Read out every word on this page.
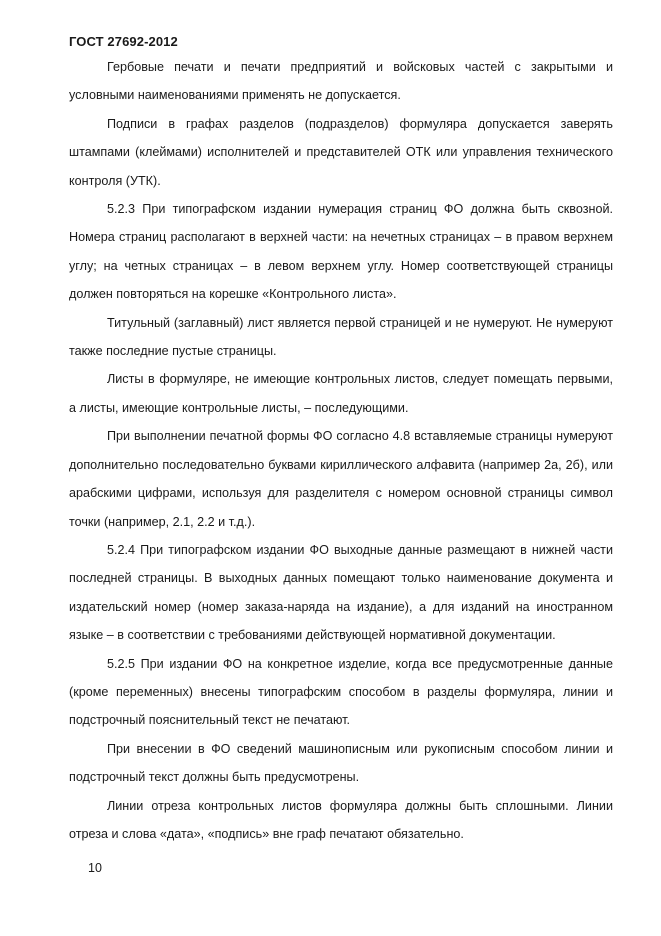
ГОСТ 27692-2012

Гербовые печати и печати предприятий и войсковых частей с закрытыми и условными наименованиями применять не допускается.

Подписи в графах разделов (подразделов) формуляра допускается заверять штампами (клеймами) исполнителей и представителей ОТК или управления технического контроля (УТК).

5.2.3 При типографском издании нумерация страниц ФО должна быть сквозной. Номера страниц располагают в верхней части: на нечетных страницах – в правом верхнем углу; на четных страницах – в левом верхнем углу. Номер соответствующей страницы должен повторяться на корешке «Контрольного листа».

Титульный (заглавный) лист является первой страницей и не нумеруют. Не нумеруют также последние пустые страницы.

Листы в формуляре, не имеющие контрольных листов, следует помещать первыми, а листы, имеющие контрольные листы, – последующими.

При выполнении печатной формы ФО согласно 4.8 вставляемые страницы нумеруют дополнительно последовательно буквами кириллического алфавита (например 2а, 2б), или арабскими цифрами, используя для разделителя с номером основной страницы символ точки (например, 2.1, 2.2 и т.д.).

5.2.4 При типографском издании ФО выходные данные размещают в нижней части последней страницы. В выходных данных помещают только наименование документа и издательский номер (номер заказа-наряда на издание), а для изданий на иностранном языке – в соответствии с требованиями действующей нормативной документации.

5.2.5 При издании ФО на конкретное изделие, когда все предусмотренные данные (кроме переменных) внесены типографским способом в разделы формуляра, линии и подстрочный пояснительный текст не печатают.

При внесении в ФО сведений машинописным или рукописным способом линии и подстрочный текст должны быть предусмотрены.

Линии отреза контрольных листов формуляра должны быть сплошными. Линии отреза и слова «дата», «подпись» вне граф печатают обязательно.

10
